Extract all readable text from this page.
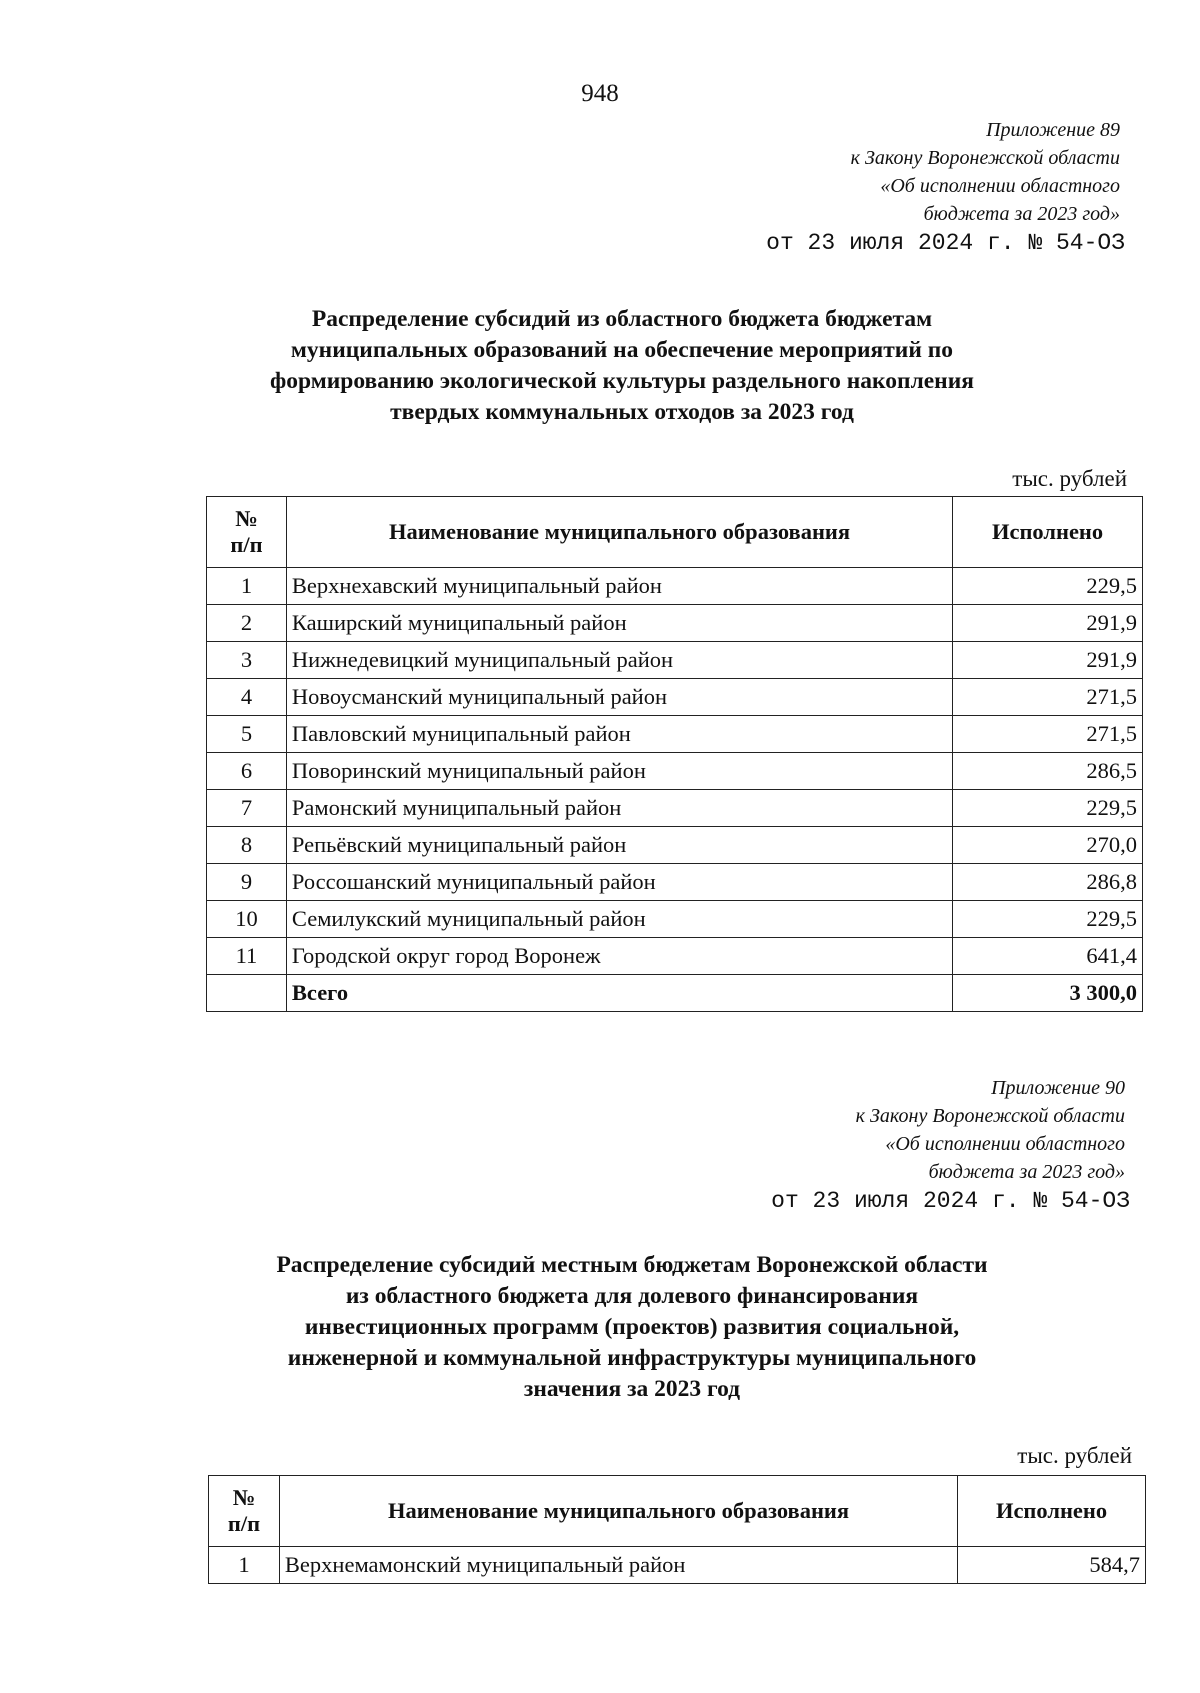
948
Приложение 89
к Закону Воронежской области
«Об исполнении областного
бюджета за 2023 год»
от 23 июля 2024 г. № 54-ОЗ
Распределение субсидий из областного бюджета бюджетам
муниципальных образований на обеспечение мероприятий по
формированию экологической культуры раздельного накопления
твердых коммунальных отходов за 2023 год
тыс. рублей
№
п/п	Наименование муниципального образования	Исполнено
1	Верхнехавский муниципальный район	229,5
2	Каширский муниципальный район	291,9
3	Нижнедевицкий муниципальный район	291,9
4	Новоусманский муниципальный район	271,5
5	Павловский муниципальный район	271,5
6	Поворинский муниципальный район	286,5
7	Рамонский муниципальный район	229,5
8	Репьёвский муниципальный район	270,0
9	Россошанский муниципальный район	286,8
10	Семилукский муниципальный район	229,5
11	Городской округ город Воронеж	641,4
	Всего	3 300,0
Приложение 90
к Закону Воронежской области
«Об исполнении областного
бюджета за 2023 год»
от 23 июля 2024 г. № 54-ОЗ
Распределение субсидий местным бюджетам Воронежской области
из областного бюджета для долевого финансирования
инвестиционных программ (проектов) развития социальной,
инженерной и коммунальной инфраструктуры муниципального
значения за 2023 год
тыс. рублей
№
п/п	Наименование муниципального образования	Исполнено
1	Верхнемамонский муниципальный район	584,7
